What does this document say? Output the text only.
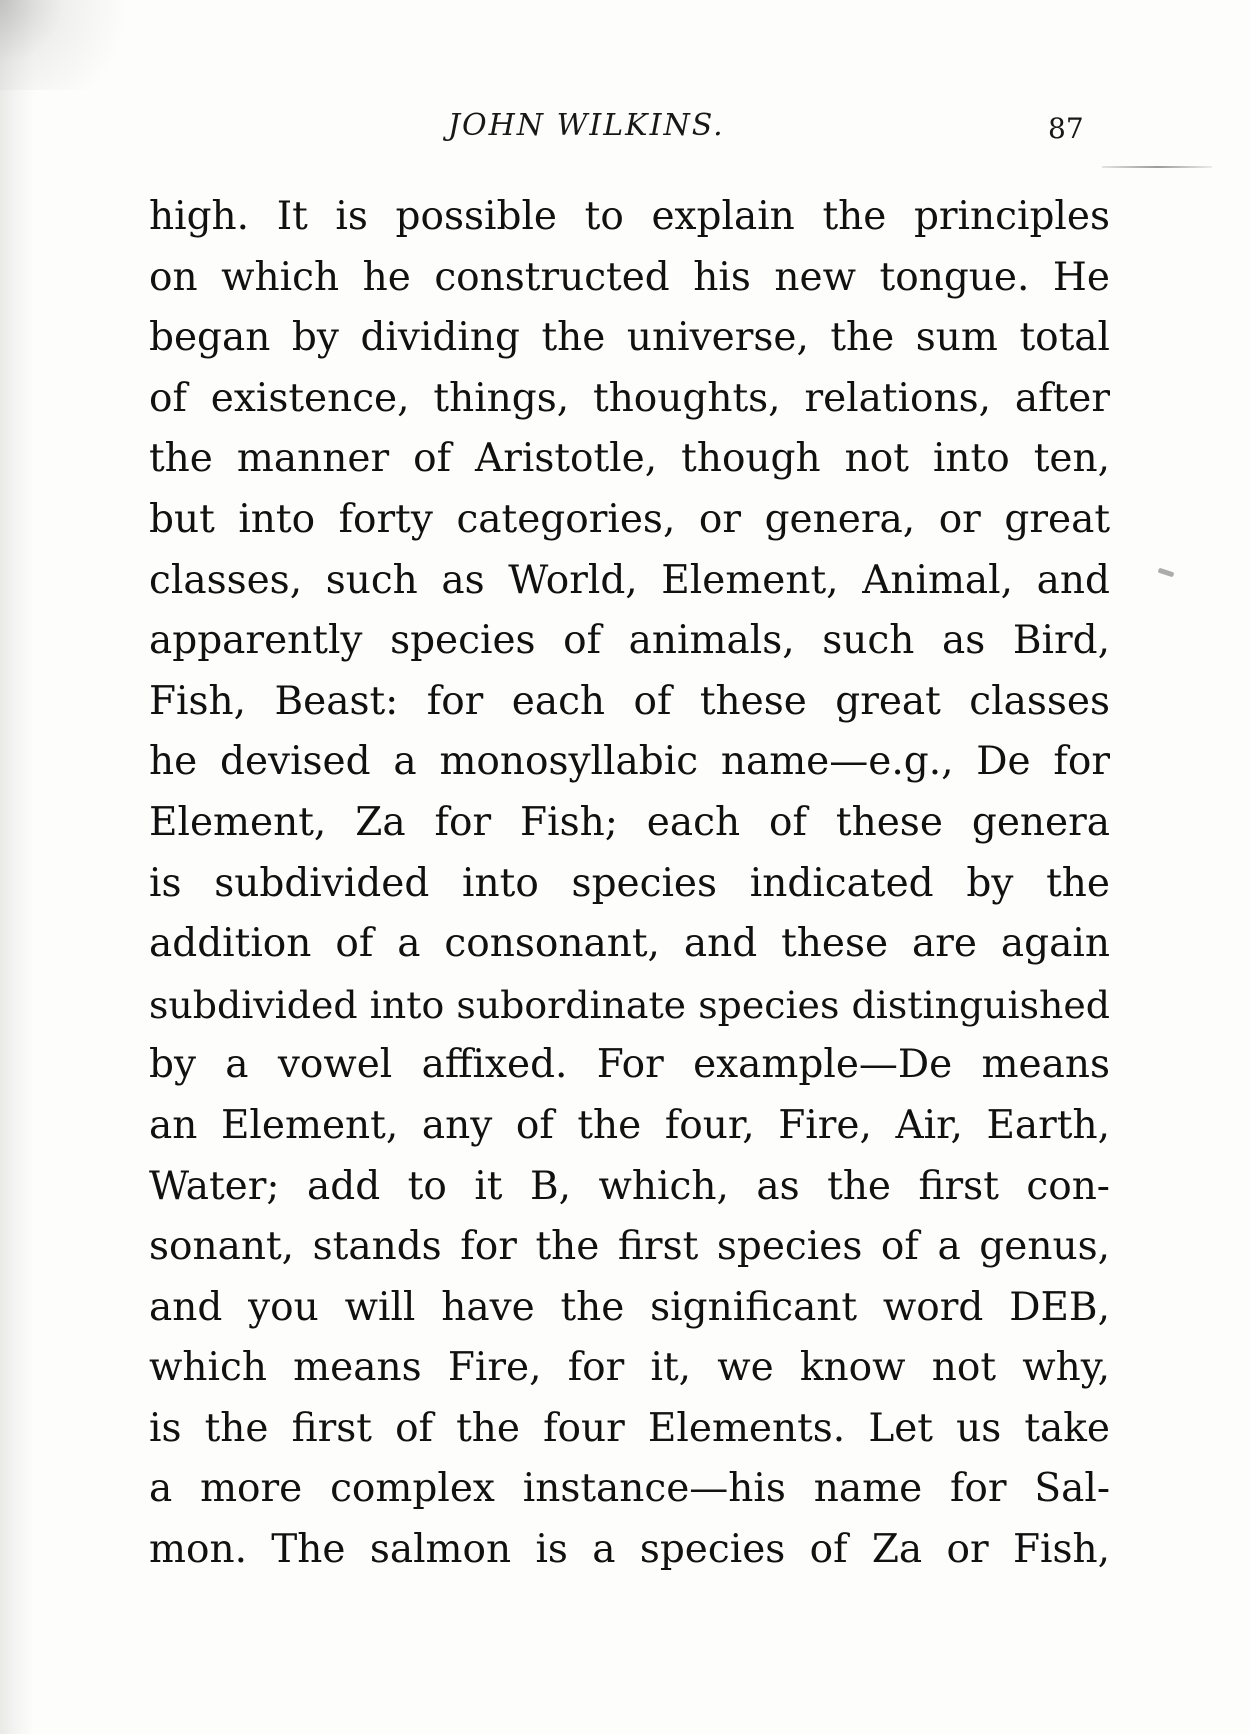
JOHN WILKINS.	87
high. It is possible to explain the principles
on which he constructed his new tongue. He
began by dividing the universe, the sum total
of existence, things, thoughts, relations, after
the manner of Aristotle, though not into ten,
but into forty categories, or genera, or great
classes, such as World, Element, Animal, and
apparently species of animals, such as Bird,
Fish, Beast: for each of these great classes
he devised a monosyllabic name—e.g., De for
Element, Za for Fish; each of these genera
is subdivided into species indicated by the
addition of a consonant, and these are again
subdivided into subordinate species distinguished
by a vowel affixed. For example—De means
an Element, any of the four, Fire, Air, Earth,
Water; add to it B, which, as the first con-
sonant, stands for the first species of a genus,
and you will have the significant word DEB,
which means Fire, for it, we know not why,
is the first of the four Elements. Let us take
a more complex instance—his name for Sal-
mon. The salmon is a species of Za or Fish,
